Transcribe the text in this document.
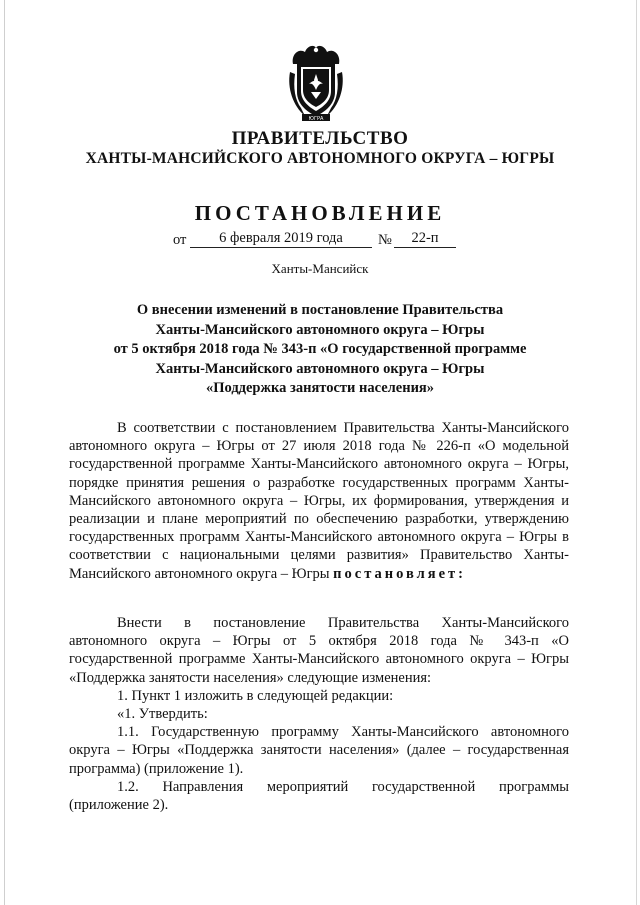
ЮГРА
ПРАВИТЕЛЬСТВО
ХАНТЫ-МАНСИЙСКОГО АВТОНОМНОГО ОКРУГА – ЮГРЫ
ПОСТАНОВЛЕНИЕ
от	6 февраля 2019 года	№	22-п
Ханты-Мансийск
О внесении изменений в постановление Правительства
Ханты-Мансийского автономного округа – Югры
от 5 октября 2018 года № 343-п «О государственной программе
Ханты-Мансийского автономного округа – Югры
«Поддержка занятости населения»

В соответствии с постановлением Правительства Ханты-Мансийского автономного округа – Югры от 27 июля 2018 года № 226-п «О модельной государственной программе Ханты-Мансийского автономного округа – Югры, порядке принятия решения о разработке государственных программ Ханты-Мансийского автономного округа – Югры, их формирования, утверждения и реализации и плане мероприятий по обеспечению разработки, утверждению государственных программ Ханты-Мансийского автономного округа – Югры в соответствии с национальными целями развития» Правительство Ханты-Мансийского автономного округа – Югры постановляет:

Внести в постановление Правительства Ханты-Мансийского автономного округа – Югры от 5 октября 2018 года № 343-п «О государственной программе Ханты-Мансийского автономного округа – Югры «Поддержка занятости населения» следующие изменения:

1. Пункт 1 изложить в следующей редакции:

«1. Утвердить:

1.1. Государственную программу Ханты-Мансийского автономного округа – Югры «Поддержка занятости населения» (далее – государственная программа) (приложение 1).

1.2. Направления мероприятий государственной программы (приложение 2).
